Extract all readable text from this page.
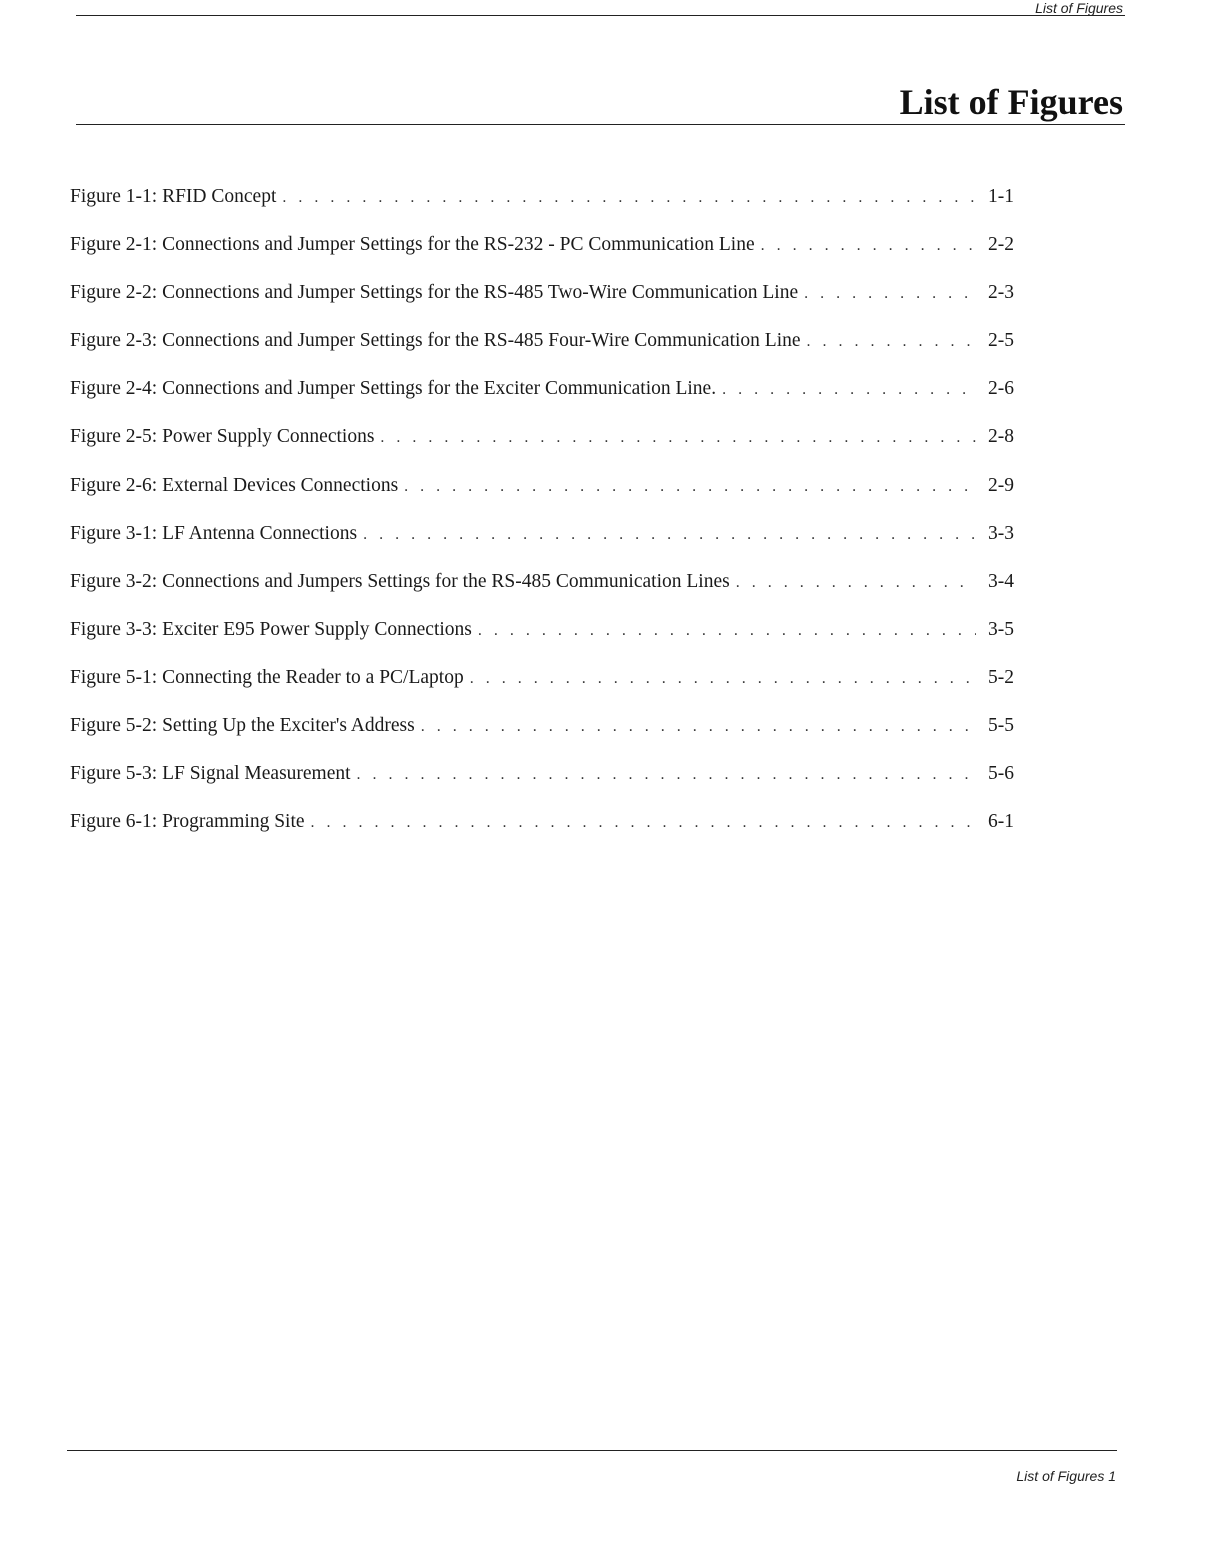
List of Figures
List of Figures
Figure 1-1: RFID Concept . . .	1-1
Figure 2-1: Connections and Jumper Settings for the RS-232 - PC Communication Line . . .	2-2
Figure 2-2: Connections and Jumper Settings for the RS-485 Two-Wire Communication Line . . .	2-3
Figure 2-3: Connections and Jumper Settings for the RS-485 Four-Wire Communication Line . . .	2-5
Figure 2-4: Connections and Jumper Settings for the Exciter Communication Line. . . .	2-6
Figure 2-5: Power Supply Connections . . .	2-8
Figure 2-6: External Devices Connections . . .	2-9
Figure 3-1: LF Antenna Connections . . .	3-3
Figure 3-2: Connections and Jumpers Settings for the RS-485 Communication Lines . . .	3-4
Figure 3-3: Exciter E95 Power Supply Connections . . .	3-5
Figure 5-1: Connecting the Reader to a PC/Laptop . . .	5-2
Figure 5-2: Setting Up the Exciter's Address . . .	5-5
Figure 5-3: LF Signal Measurement . . .	5-6
Figure 6-1: Programming Site . . .	6-1
List of Figures 1
